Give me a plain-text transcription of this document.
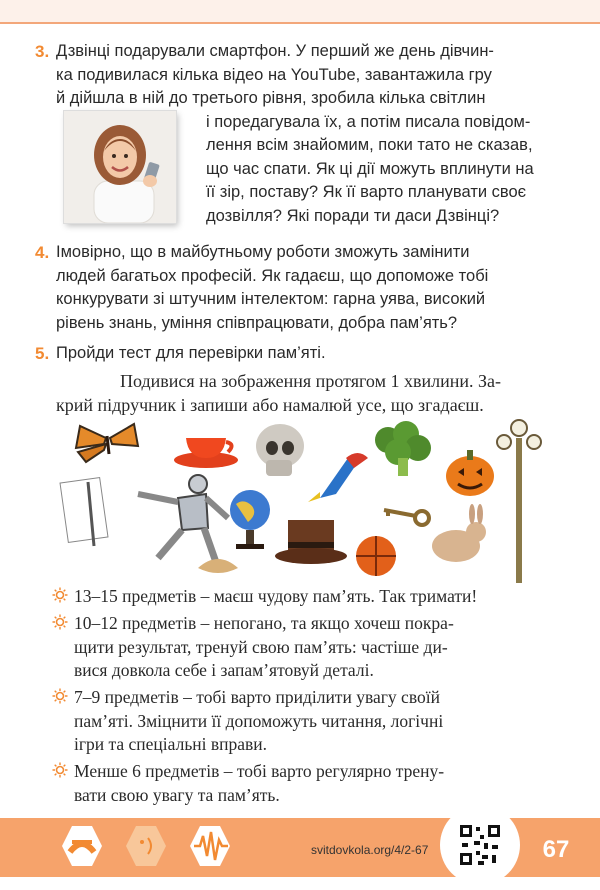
3. Дзвінці подарували смартфон. У перший же день дівчин-
ка подивилася кілька відео на YouTube, завантажила гру
й дійшла в ній до третього рівня, зробила кілька світлин
і поредагувала їх, а потім писала повідом-
лення всім знайомим, поки тато не сказав,
що час спати. Як ці дії можуть вплинути на
її зір, поставу? Як її варто планувати своє
дозвілля? Які поради ти даси Дзвінці?
4. Імовірно, що в майбутньому роботи зможуть замінити
людей багатьох професій. Як гадаєш, що допоможе тобі
конкурувати зі штучним інтелектом: гарна уява, високий
рівень знань, уміння співпрацювати, добра пам’ять?
5. Пройди тест для перевірки пам’яті.
Подивися на зображення протягом 1 хвилини. За-
крий підручник і запиши або намалюй усе, що згадаєш.
13–15 предметів – маєш чудову пам’ять. Так тримати!
10–12 предметів – непогано, та якщо хочеш покра-
щити результат, тренуй свою пам’ять: частіше ди-
вися довкола себе і запам’ятовуй деталі.
7–9 предметів – тобі варто приділити увагу своїй
пам’яті. Зміцнити її допоможуть читання, логічні
ігри та спеціальні вправи.
Менше 6 предметів – тобі варто регулярно трену-
вати свою увагу та пам’ять.
svitdovkola.org/4/2-67	67
